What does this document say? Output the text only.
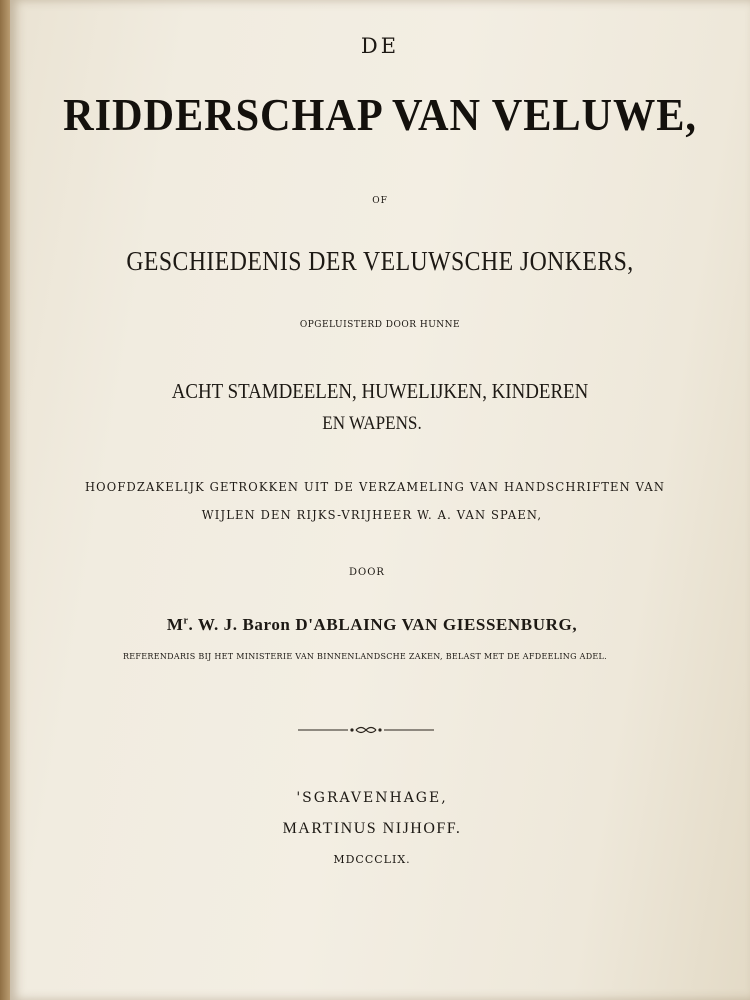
DE
RIDDERSCHAP VAN VELUWE,
OF
GESCHIEDENIS DER VELUWSCHE JONKERS,
OPGELUISTERD DOOR HUNNE
ACHT STAMDEELEN, HUWELIJKEN, KINDEREN
EN WAPENS.
HOOFDZAKELIJK GETROKKEN UIT DE VERZAMELING VAN HANDSCHRIFTEN VAN
WIJLEN DEN RIJKS-VRIJHEER W. A. VAN SPAEN,
DOOR
$M^r$. W. J. Baron D'ABLAING VAN GIESSENBURG,
REFERENDARIS BIJ HET MINISTERIE VAN BINNENLANDSCHE ZAKEN, BELAST MET DE AFDEELING ADEL.
'SGRAVENHAGE,
MARTINUS NIJHOFF.
MDCCCLIX.
